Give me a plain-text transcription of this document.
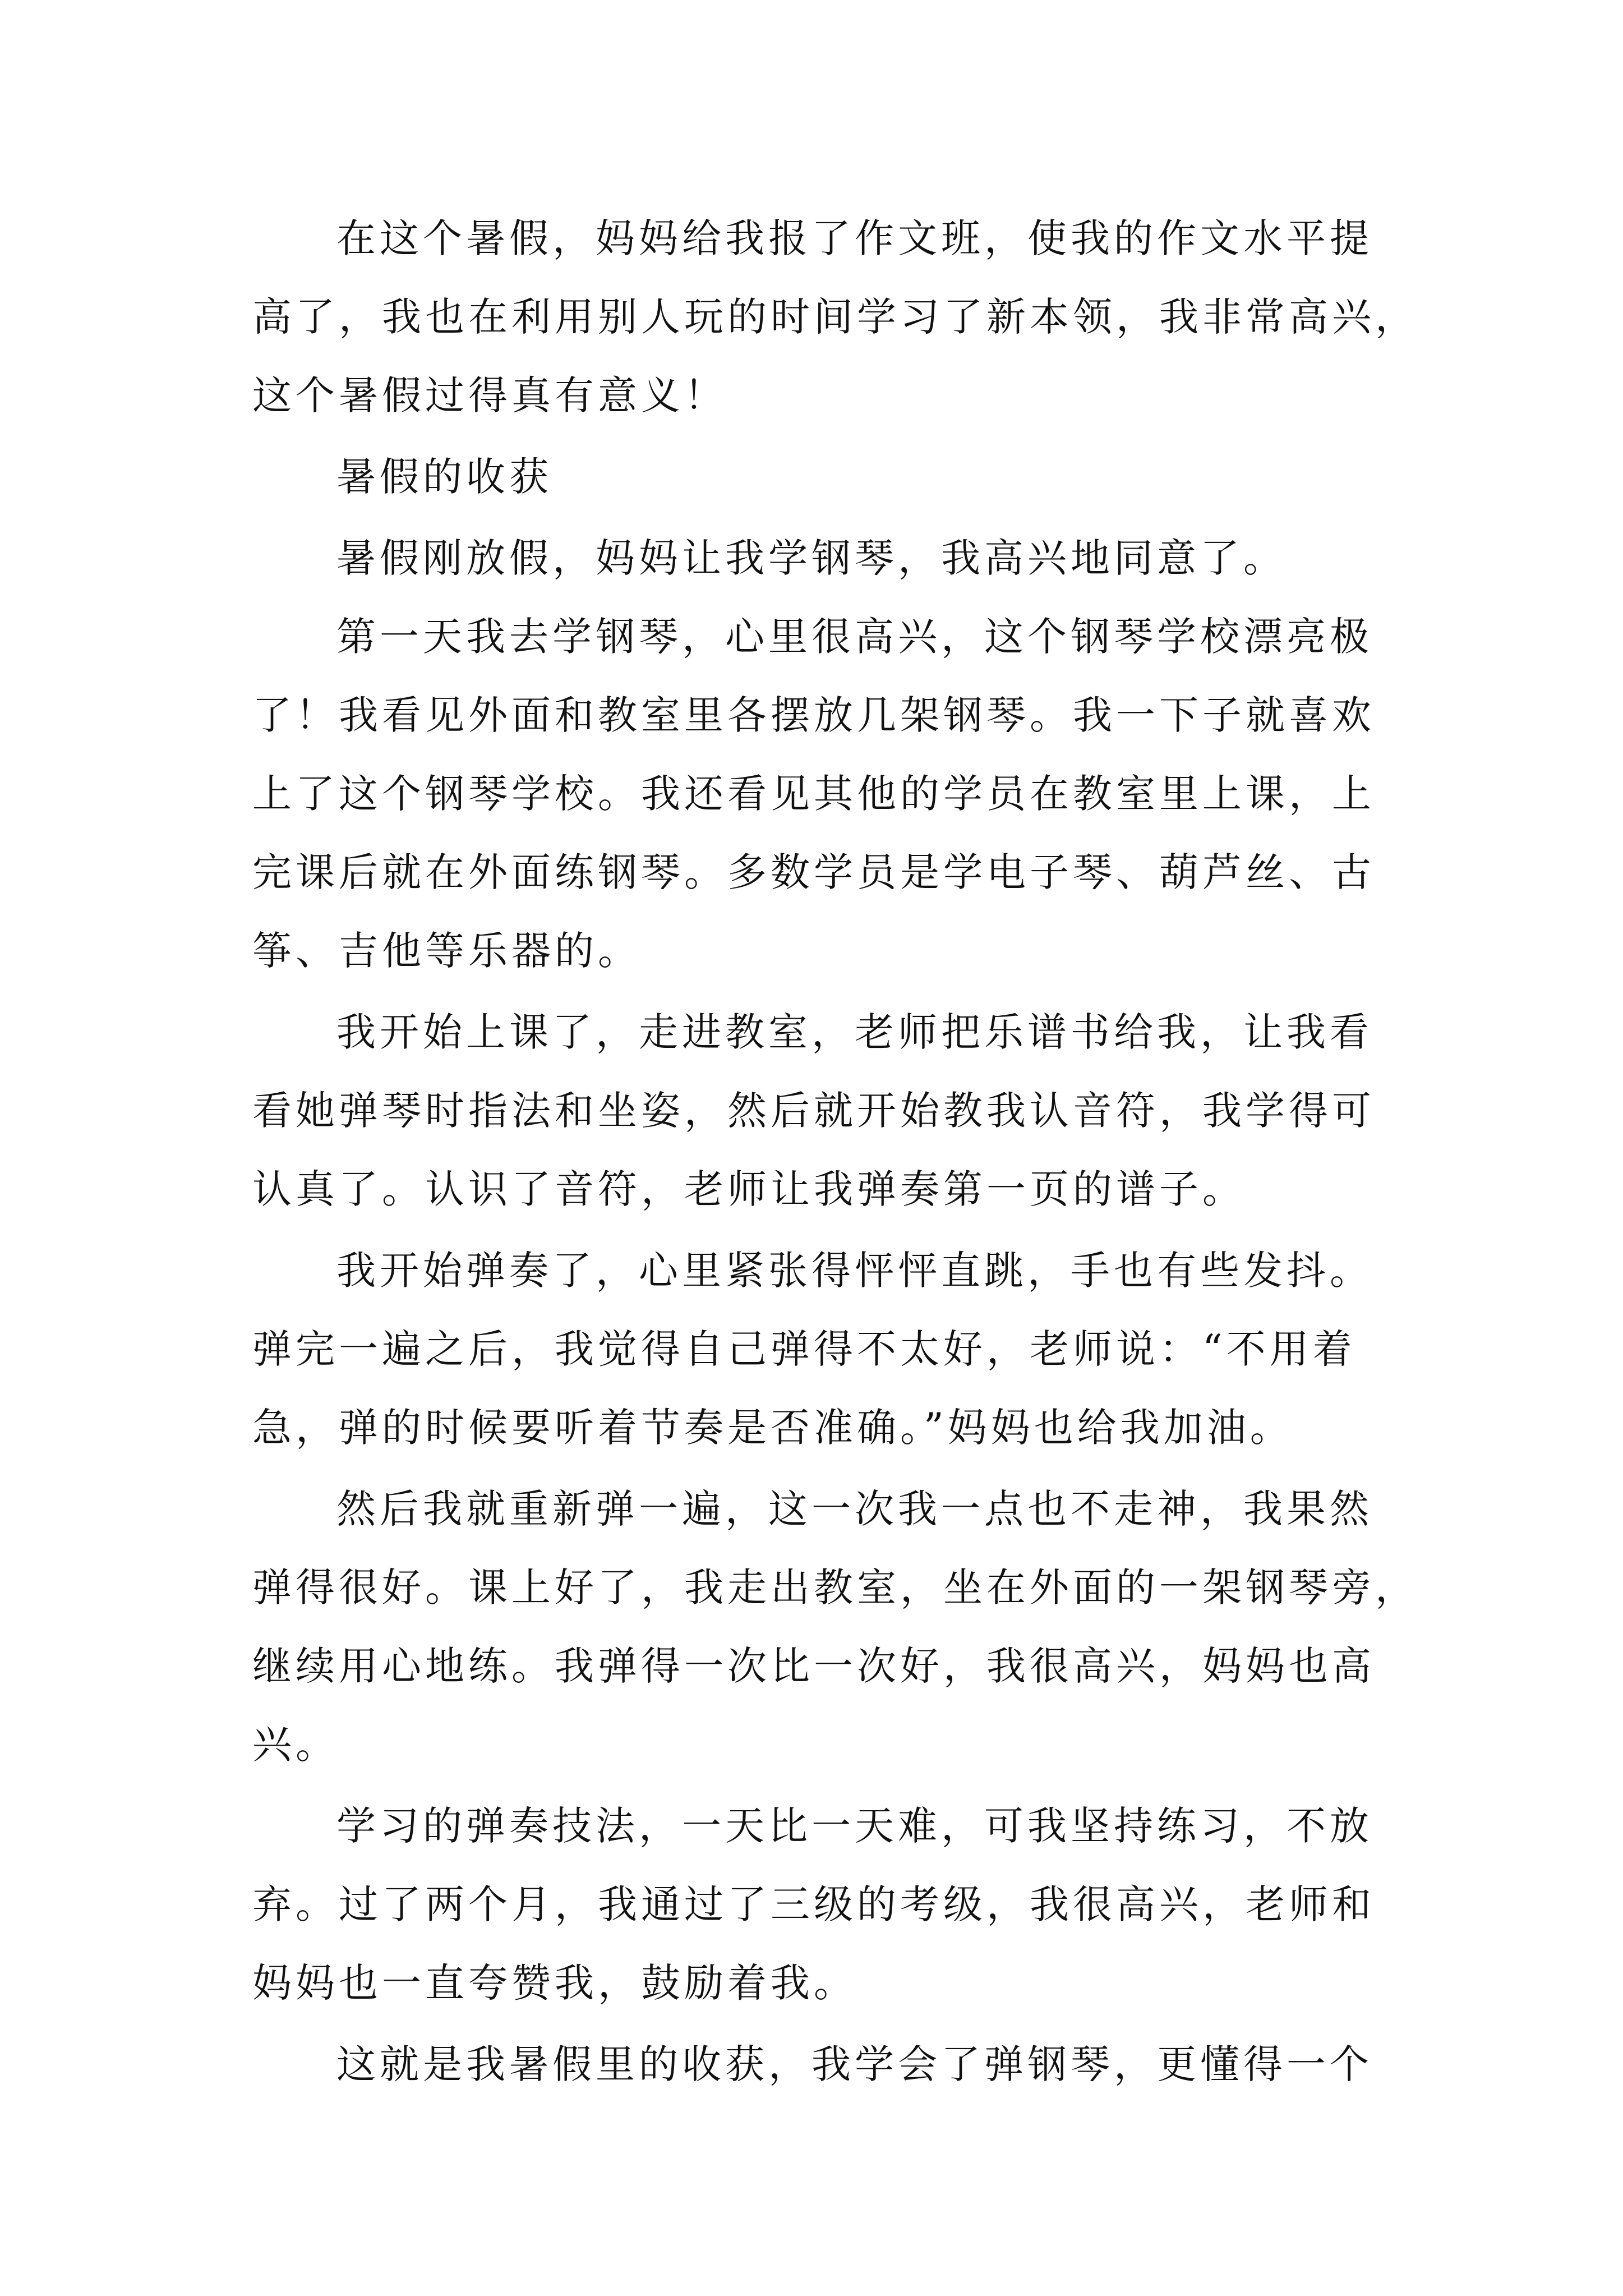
在这个暑假，妈妈给我报了作文班，使我的作文水平提

高了，我也在利用别人玩的时间学习了新本领，我非常高兴，

这个暑假过得真有意义！

暑假的收获

暑假刚放假，妈妈让我学钢琴，我高兴地同意了。

第一天我去学钢琴，心里很高兴，这个钢琴学校漂亮极

了！我看见外面和教室里各摆放几架钢琴。我一下子就喜欢

上了这个钢琴学校。我还看见其他的学员在教室里上课，上

完课后就在外面练钢琴。多数学员是学电子琴、葫芦丝、古

筝、吉他等乐器的。

我开始上课了，走进教室，老师把乐谱书给我，让我看

看她弹琴时指法和坐姿，然后就开始教我认音符，我学得可

认真了。认识了音符，老师让我弹奏第一页的谱子。

我开始弹奏了，心里紧张得怦怦直跳，手也有些发抖。

弹完一遍之后，我觉得自己弹得不太好，老师说：“不用着

急，弹的时候要听着节奏是否准确。”妈妈也给我加油。

然后我就重新弹一遍，这一次我一点也不走神，我果然

弹得很好。课上好了，我走出教室，坐在外面的一架钢琴旁，

继续用心地练。我弹得一次比一次好，我很高兴，妈妈也高

兴。

学习的弹奏技法，一天比一天难，可我坚持练习，不放

弃。过了两个月，我通过了三级的考级，我很高兴，老师和

妈妈也一直夸赞我，鼓励着我。

这就是我暑假里的收获，我学会了弹钢琴，更懂得一个
